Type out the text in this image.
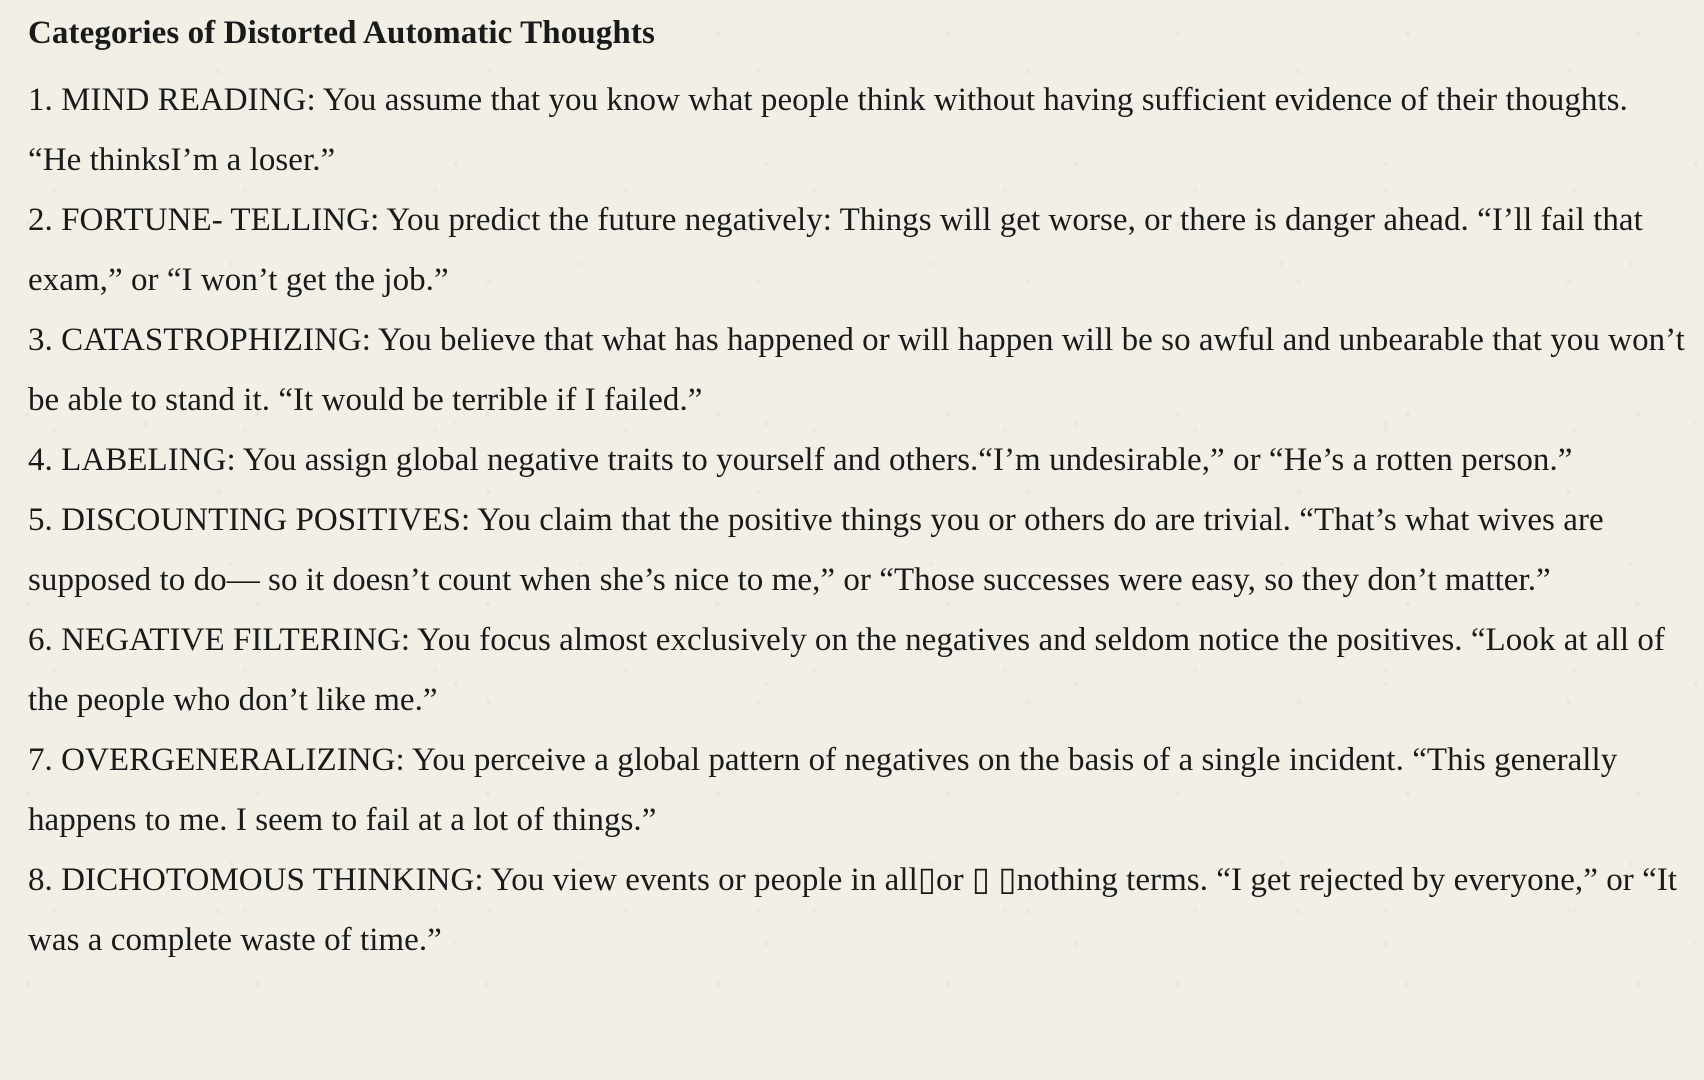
Categories of Distorted Automatic Thoughts

1. MIND READING: You assume that you know what people think without having sufficient evidence of their thoughts. “He thinksI’m a loser.”

2. FORTUNE- TELLING: You predict the future negatively: Things will get worse, or there is danger ahead. “I’ll fail that exam,” or “I won’t get the job.”

3. CATASTROPHIZING: You believe that what has happened or will happen will be so awful and unbearable that you won’t be able to stand it. “It would be terrible if I failed.”

4. LABELING: You assign global negative traits to yourself and others.“I’m undesirable,” or “He’s a rotten person.”

5. DISCOUNTING POSITIVES: You claim that the positive things you or others do are trivial. “That’s what wives are supposed to do— so it doesn’t count when she’s nice to me,” or “Those successes were easy, so they don’t matter.”

6. NEGATIVE FILTERING: You focus almost exclusively on the negatives and seldom notice the positives. “Look at all of the people who don’t like me.”

7. OVERGENERALIZING: You perceive a global pattern of negatives on the basis of a single incident. “This generally happens to me. I seem to fail at a lot of things.”

8. DICHOTOMOUS THINKING: You view events or people in all▯or ▯ ▯nothing terms. “I get rejected by everyone,” or “It was a complete waste of time.”
